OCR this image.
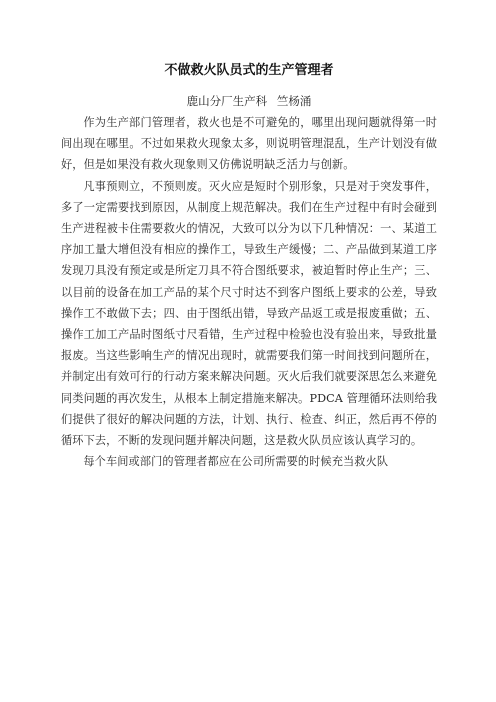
不做救火队员式的生产管理者
鹿山分厂生产科 竺杨涌

作为生产部门管理者，救火也是不可避免的，哪里出现问题就得第一时间出现在哪里。不过如果救火现象太多，则说明管理混乱，生产计划没有做好，但是如果没有救火现象则又仿佛说明缺乏活力与创新。

凡事预则立，不预则废。灭火应是短时个别形象，只是对于突发事件，多了一定需要找到原因，从制度上规范解决。我们在生产过程中有时会碰到生产进程被卡住需要救火的情况，大致可以分为以下几种情况：一、某道工序加工量大增但没有相应的操作工，导致生产缓慢；二、产品做到某道工序发现刀具没有预定或是所定刀具不符合图纸要求，被迫暂时停止生产；三、以目前的设备在加工产品的某个尺寸时达不到客户图纸上要求的公差，导致操作工不敢做下去；四、由于图纸出错，导致产品返工或是报废重做；五、操作工加工产品时图纸寸尺看错，生产过程中检验也没有验出来，导致批量报废。当这些影响生产的情况出现时，就需要我们第一时间找到问题所在，并制定出有效可行的行动方案来解决问题。灭火后我们就要深思怎么来避免同类问题的再次发生，从根本上制定措施来解决。PDCA 管理循环法则给我们提供了很好的解决问题的方法，计划、执行、检查、纠正，然后再不停的循环下去，不断的发现问题并解决问题，这是救火队员应该认真学习的。

每个车间或部门的管理者都应在公司所需要的时候充当救火队
